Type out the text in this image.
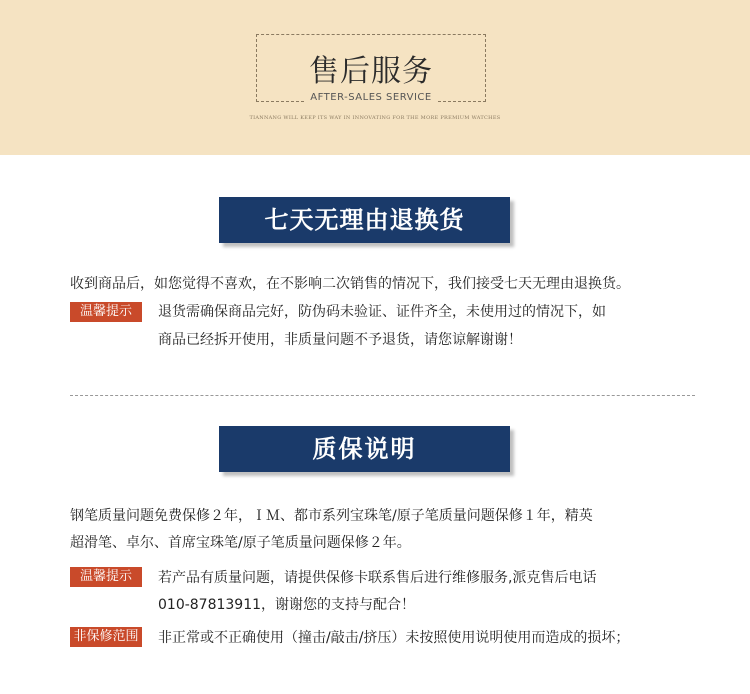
售后服务
AFTER-SALES SERVICE
TIANNANG WILL KEEP ITS WAY IN INNOVATING FOR THE MORE PREMIUM WATCHES
七天无理由退换货
收到商品后，如您觉得不喜欢，在不影响二次销售的情况下，我们接受七天无理由退换货。
温馨提示	退货需确保商品完好，防伪码未验证、证件齐全，未使用过的情况下，如
商品已经拆开使用，非质量问题不予退货，请您谅解谢谢！
质保说明
钢笔质量问题免费保修２年，ＩＭ、都市系列宝珠笔/原子笔质量问题保修１年，精英
超滑笔、卓尔、首席宝珠笔/原子笔质量问题保修２年。
温馨提示	若产品有质量问题，请提供保修卡联系售后进行维修服务,派克售后电话
010-87813911，谢谢您的支持与配合！
非保修范围 非正常或不正确使用（撞击/敲击/挤压）未按照使用说明使用而造成的损坏；
